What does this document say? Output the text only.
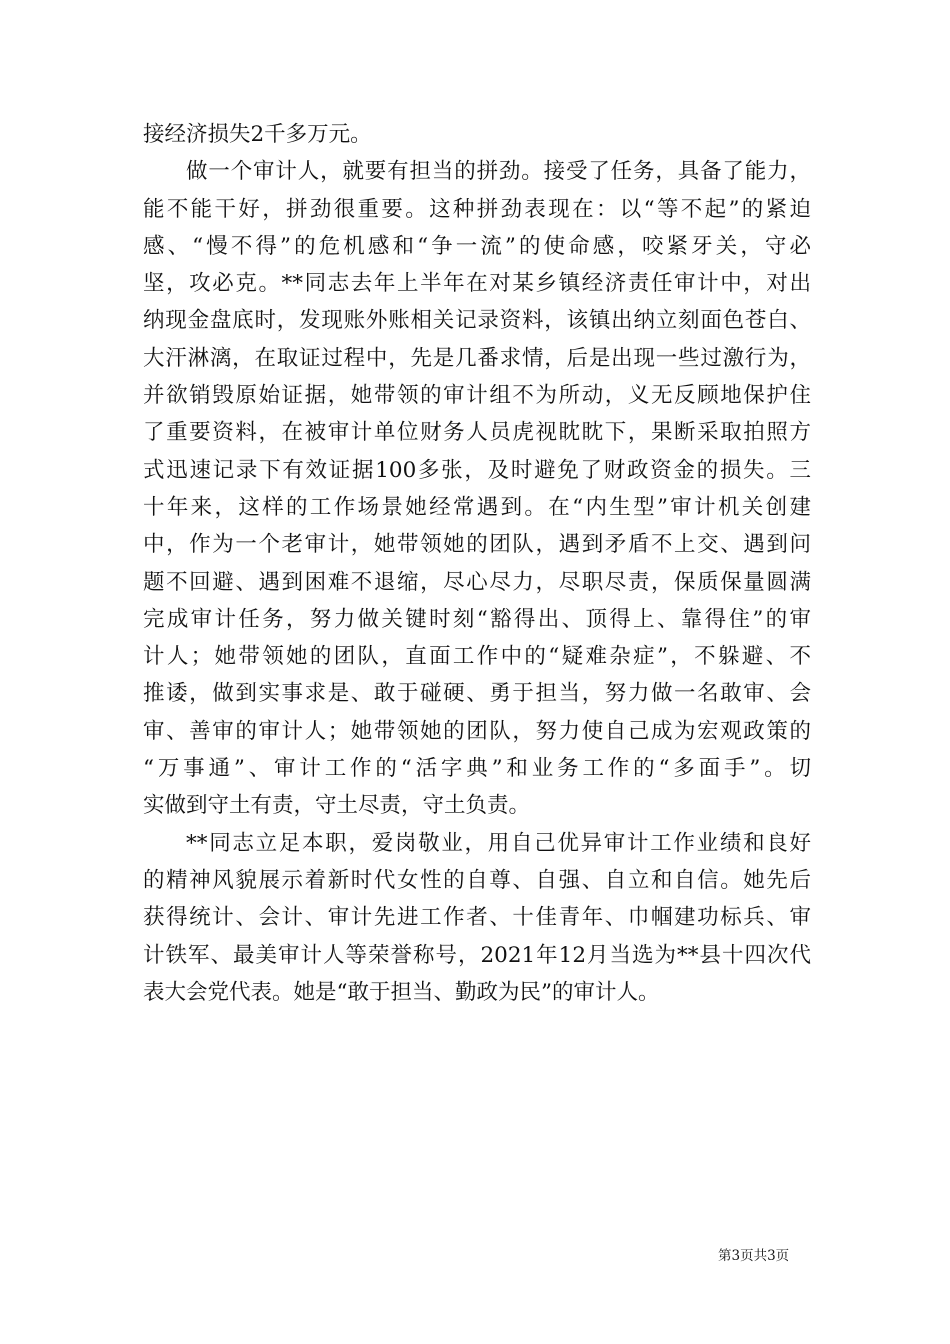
接经济损失2千多万元。
做一个审计人，就要有担当的拼劲。接受了任务，具备了能力，
能不能干好，拼劲很重要。这种拼劲表现在：以“等不起”的紧迫
感、“慢不得”的危机感和“争一流”的使命感，咬紧牙关，守必
坚，攻必克。**同志去年上半年在对某乡镇经济责任审计中，对出
纳现金盘底时，发现账外账相关记录资料，该镇出纳立刻面色苍白、
大汗淋漓，在取证过程中，先是几番求情，后是出现一些过激行为，
并欲销毁原始证据，她带领的审计组不为所动，义无反顾地保护住
了重要资料，在被审计单位财务人员虎视眈眈下，果断采取拍照方
式迅速记录下有效证据100多张，及时避免了财政资金的损失。三
十年来，这样的工作场景她经常遇到。在“内生型”审计机关创建
中，作为一个老审计，她带领她的团队，遇到矛盾不上交、遇到问
题不回避、遇到困难不退缩，尽心尽力，尽职尽责，保质保量圆满
完成审计任务，努力做关键时刻“豁得出、顶得上、靠得住”的审
计人；她带领她的团队，直面工作中的“疑难杂症”，不躲避、不
推诿，做到实事求是、敢于碰硬、勇于担当，努力做一名敢审、会
审、善审的审计人；她带领她的团队，努力使自己成为宏观政策的
“万事通”、审计工作的“活字典”和业务工作的“多面手”。切
实做到守土有责，守土尽责，守土负责。
**同志立足本职，爱岗敬业，用自己优异审计工作业绩和良好
的精神风貌展示着新时代女性的自尊、自强、自立和自信。她先后
获得统计、会计、审计先进工作者、十佳青年、巾帼建功标兵、审
计铁军、最美审计人等荣誉称号，2021年12月当选为**县十四次代
表大会党代表。她是“敢于担当、勤政为民”的审计人。
第3页共3页
